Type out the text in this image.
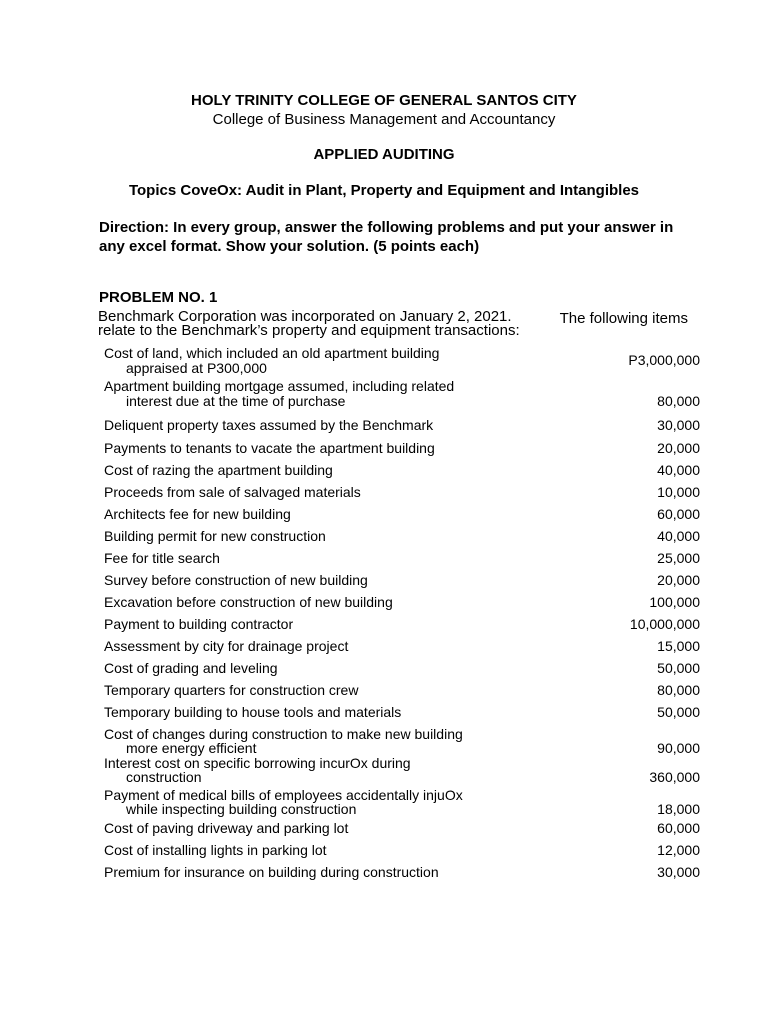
HOLY TRINITY COLLEGE OF GENERAL SANTOS CITY
College of Business Management and Accountancy
APPLIED AUDITING
Topics CoveOx: Audit in Plant, Property and Equipment and Intangibles
Direction: In every group, answer the following problems and put your answer in
any excel format. Show your solution. (5 points each)
PROBLEM NO. 1
Benchmark Corporation was incorporated on January 2, 2021.	The following items
relate to the Benchmark’s property and equipment transactions:
Cost of land, which included an old apartment building
appraised at P300,000	P3,000,000
Apartment building mortgage assumed, including related
interest due at the time of purchase	80,000
Deliquent property taxes assumed by the Benchmark	30,000
Payments to tenants to vacate the apartment building	20,000
Cost of razing the apartment building	40,000
Proceeds from sale of salvaged materials	10,000
Architects fee for new building	60,000
Building permit for new construction	40,000
Fee for title search	25,000
Survey before construction of new building	20,000
Excavation before construction of new building	100,000
Payment to building contractor	10,000,000
Assessment by city for drainage project	15,000
Cost of grading and leveling	50,000
Temporary quarters for construction crew	80,000
Temporary building to house tools and materials	50,000
Cost of changes during construction to make new building
more energy efficient	90,000
Interest cost on specific borrowing incurOx during
construction	360,000
Payment of medical bills of employees accidentally injuOx
while inspecting building construction	18,000
Cost of paving driveway and parking lot	60,000
Cost of installing lights in parking lot	12,000
Premium for insurance on building during construction	30,000
